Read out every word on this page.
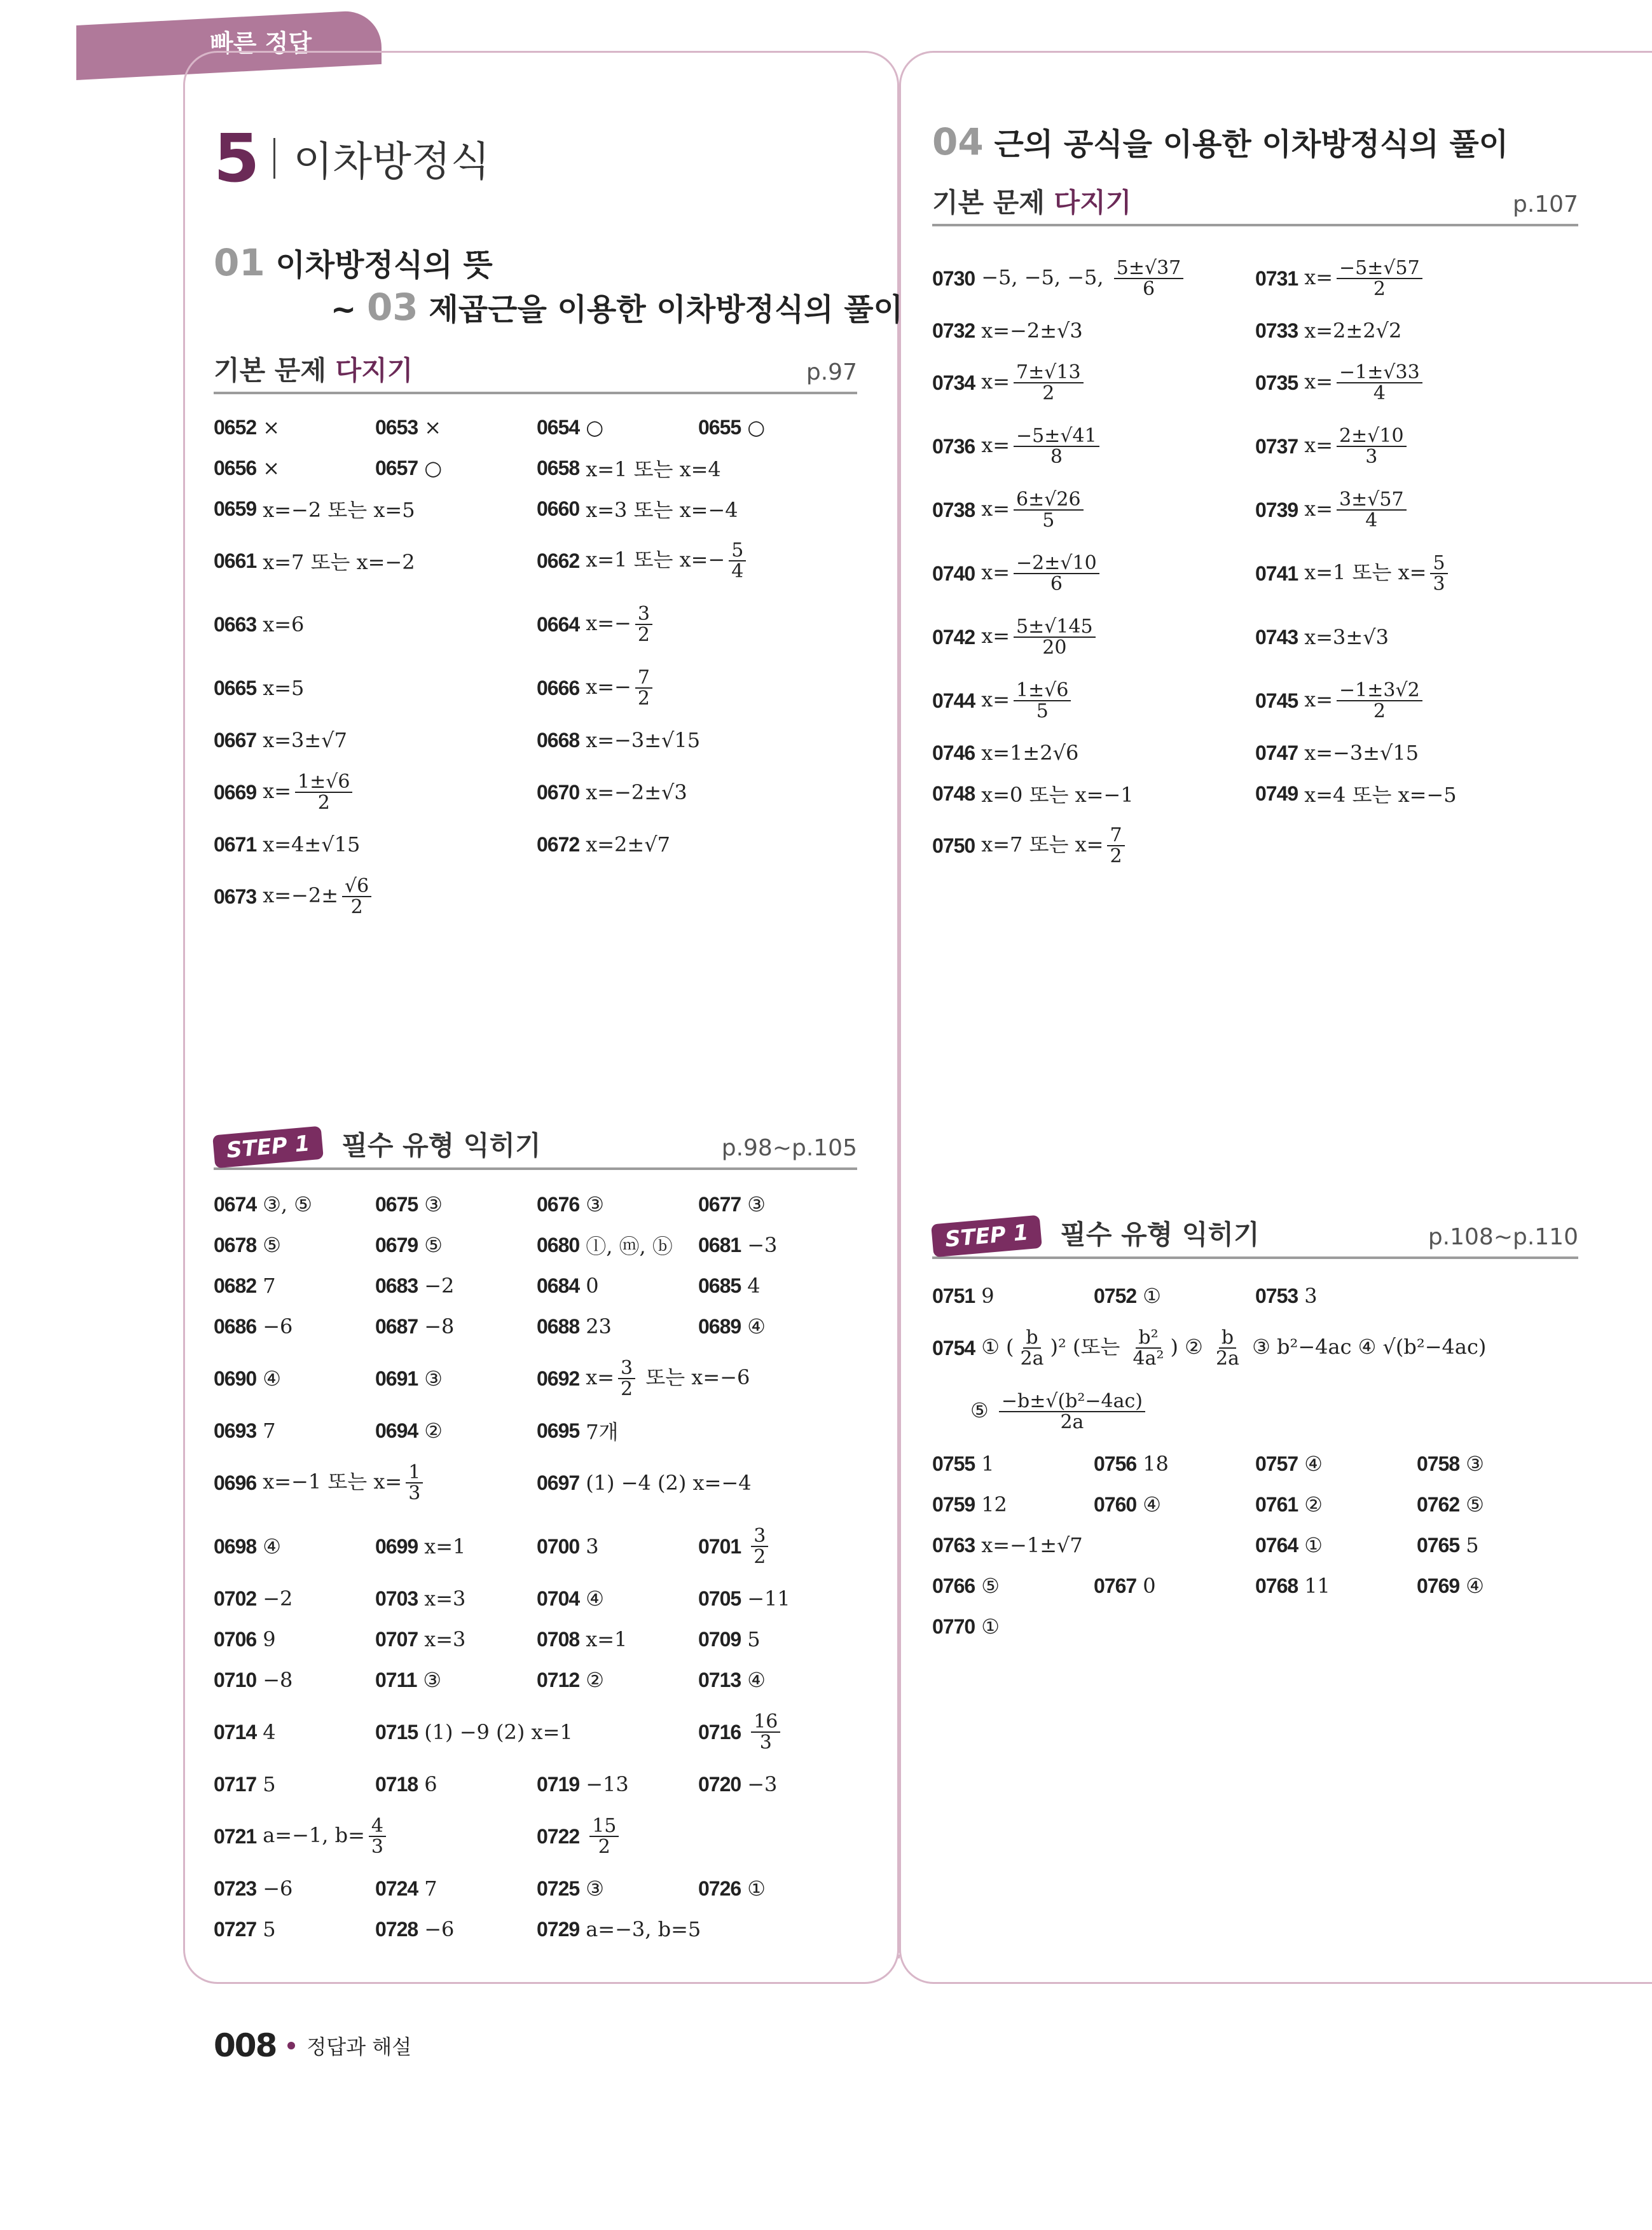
빠른 정답
5 이차방정식
01 이차방정식의 뜻
~ 03 제곱근을 이용한 이차방정식의 풀이
기본 문제 다지기	p.97
0652 ×	0653 ×	0654 ○	0655 ○
0656 ×	0657 ○	0658 x=1 또는 x=4
0659 x=−2 또는 x=5	0660 x=3 또는 x=−4
0661 x=7 또는 x=−2	0662 x=1 또는 $x=- \frac{5}{4}$
0663 x=6	0664 $x=- \frac{3}{2}$
0665 x=5	0666 $x=- \frac{7}{2}$
0667 x=3±√7	0668 x=−3±√15
0669 $x= \frac{1\pm√6}{2}$	0670 x=−2±√3
0671 x=4±√15	0672 x=2±√7
0673 $x=-2\pm \frac{√6}{2}$
STEP 1 필수 유형 익히기	p.98~p.105
0674 ③, ⑤	0675 ③	0676 ③	0677 ③
0678 ⑤	0679 ⑤	0680 ⓛ, ⓜ, ⓑ 0681 −3
0682 7	0683 −2	0684 0	0685 4
0686 −6	0687 −8	0688 23	0689 ④
0690 ④	0691 ③	0692 $x= \frac{3}{2}$ 또는 x=−6
0693 7	0694 ②	0695 7개
0696 x=−1 또는 $x= \frac{1}{3}$	0697 (1) −4 (2) x=−4
0698 ④	0699 x=1	0700 3	$0701 \frac{3}{2}$
0702 −2	0703 x=3	0704 ④	0705 −11
0706 9	0707 x=3	0708 x=1	0709 5
0710 −8	0711 ③	0712 ②	0713 ④
0714 4	0715 (1) −9 (2) x=1	$0716 \frac{16}{3}$
0717 5	0718 6	0719 −13	0720 −3
0721 a=−1, $b= \frac{4}{3}$	$0722 \frac{15}{2}$
0723 −6	0724 7	0725 ③	0726 ①
0727 5	0728 −6	0729 a=−3, b=5
04 근의 공식을 이용한 이차방정식의 풀이
기본 문제 다지기	p.107
0730 −5, −5, −5, $\frac{5\pm√37}{6}$	0731 $x= \frac{-5\pm√57}{2}$
0732 x=−2±√3	0733 x=2±2√2
0734 $x= \frac{7\pm√13}{2}$	0735 $x= \frac{-1\pm√33}{4}$
0736 $x= \frac{-5\pm√41}{8}$	0737 $x= \frac{2\pm√10}{3}$
0738 $x= \frac{6\pm√26}{5}$	0739 $x= \frac{3\pm√57}{4}$
0740 $x= \frac{-2\pm√10}{6}$	0741 x=1 또는 $x= \frac{5}{3}$
0742 $x= \frac{5\pm√145}{20}$	0743 x=3±√3
0744 $x= \frac{1\pm√6}{5}$	0745 $x= \frac{-1\pm 3√2}{2}$
0746 x=1±2√6	0747 x=−3±√15
0748 x=0 또는 x=−1	0749 x=4 또는 x=−5
0750 x=7 또는 $x= \frac{7}{2}$
STEP 1 필수 유형 익히기	p.108~p.110
0751 9	0752 ①	0753 3
0754 ① ( $\frac{b}{2a} )^2$ (또는 $\frac{\text{b²}}{\text{4a²}}$ ) ② $\frac{b}{2a}$ ③ b²−4ac ④ √(b²−4ac)
⑤ $\frac{\text{−b±√(b²−4ac)}}{2a}$
0755 1	0756 18	0757 ④	0758 ③
0759 12	0760 ④	0761 ②	0762 ⑤
0763 x=−1±√7	0764 ①	0765 5
0766 ⑤	0767 0	0768 11	0769 ④
0770 ①
008 정답과 해설
